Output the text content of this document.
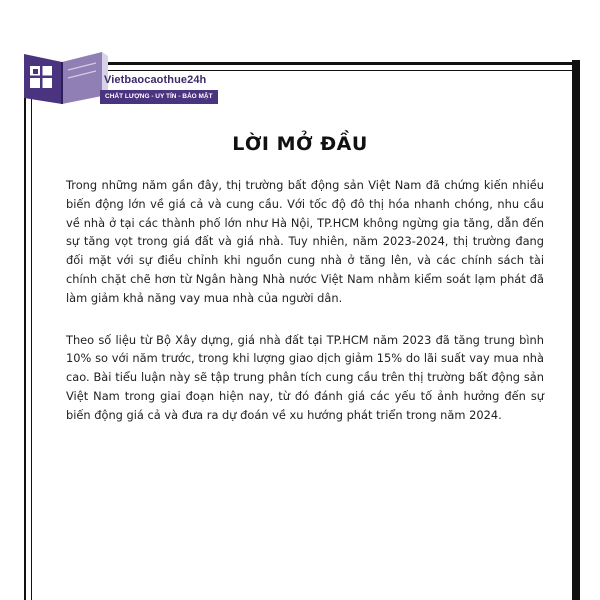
Vietbaocaothue24h
CHẤT LƯỢNG - UY TÍN - BẢO MẬT
LỜI MỞ ĐẦU

Trong những năm gần đây, thị trường bất động sản Việt Nam đã chứng kiến nhiều biến động lớn về giá cả và cung cầu. Với tốc độ đô thị hóa nhanh chóng, nhu cầu về nhà ở tại các thành phố lớn như Hà Nội, TP.HCM không ngừng gia tăng, dẫn đến sự tăng vọt trong giá đất và giá nhà. Tuy nhiên, năm 2023-2024, thị trường đang đối mặt với sự điều chỉnh khi nguồn cung nhà ở tăng lên, và các chính sách tài chính chặt chẽ hơn từ Ngân hàng Nhà nước Việt Nam nhằm kiểm soát lạm phát đã làm giảm khả năng vay mua nhà của người dân.

Theo số liệu từ Bộ Xây dựng, giá nhà đất tại TP.HCM năm 2023 đã tăng trung bình 10% so với năm trước, trong khi lượng giao dịch giảm 15% do lãi suất vay mua nhà cao. Bài tiểu luận này sẽ tập trung phân tích cung cầu trên thị trường bất động sản Việt Nam trong giai đoạn hiện nay, từ đó đánh giá các yếu tố ảnh hưởng đến sự biến động giá cả và đưa ra dự đoán về xu hướng phát triển trong năm 2024.
